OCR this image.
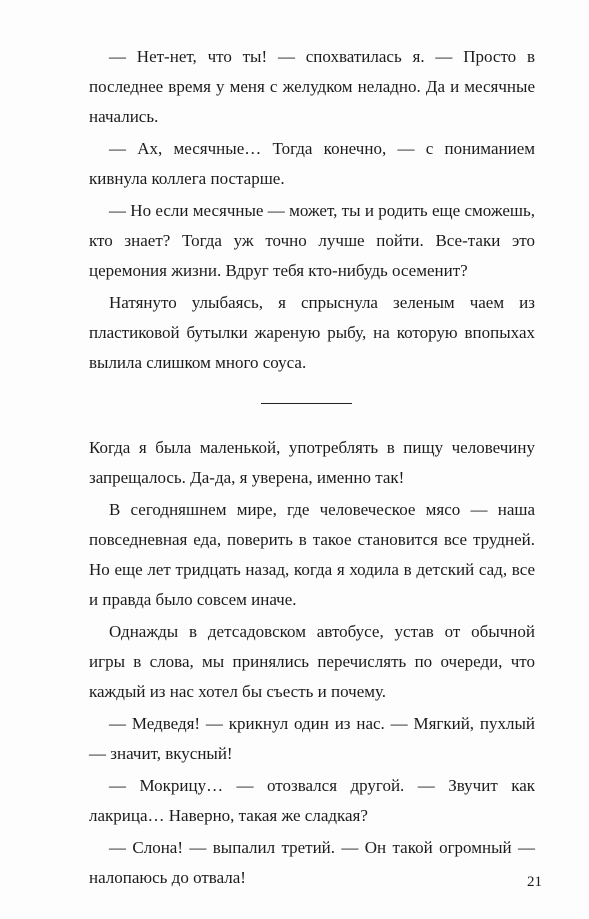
— Нет-нет, что ты! — спохватилась я. — Просто в последнее время у меня с желудком неладно. Да и месячные начались.

— Ах, месячные… Тогда конечно, — с пониманием кивнула коллега постарше.

— Но если месячные — может, ты и родить еще сможешь, кто знает? Тогда уж точно лучше пойти. Все-таки это церемония жизни. Вдруг тебя кто-нибудь осеменит?

Натянуто улыбаясь, я спрыснула зеленым чаем из пластиковой бутылки жареную рыбу, на которую впопыхах вылила слишком много соуса.

Когда я была маленькой, употреблять в пищу человечину запрещалось. Да-да, я уверена, именно так!

В сегодняшнем мире, где человеческое мясо — наша повседневная еда, поверить в такое становится все трудней. Но еще лет тридцать назад, когда я ходила в детский сад, все и правда было совсем иначе.

Однажды в детсадовском автобусе, устав от обычной игры в слова, мы принялись перечислять по очереди, что каждый из нас хотел бы съесть и почему.

— Медведя! — крикнул один из нас. — Мягкий, пухлый — значит, вкусный!

— Мокрицу… — отозвался другой. — Звучит как лакрица… Наверно, такая же сладкая?

— Слона! — выпалил третий. — Он такой огромный — налопаюсь до отвала!	21
